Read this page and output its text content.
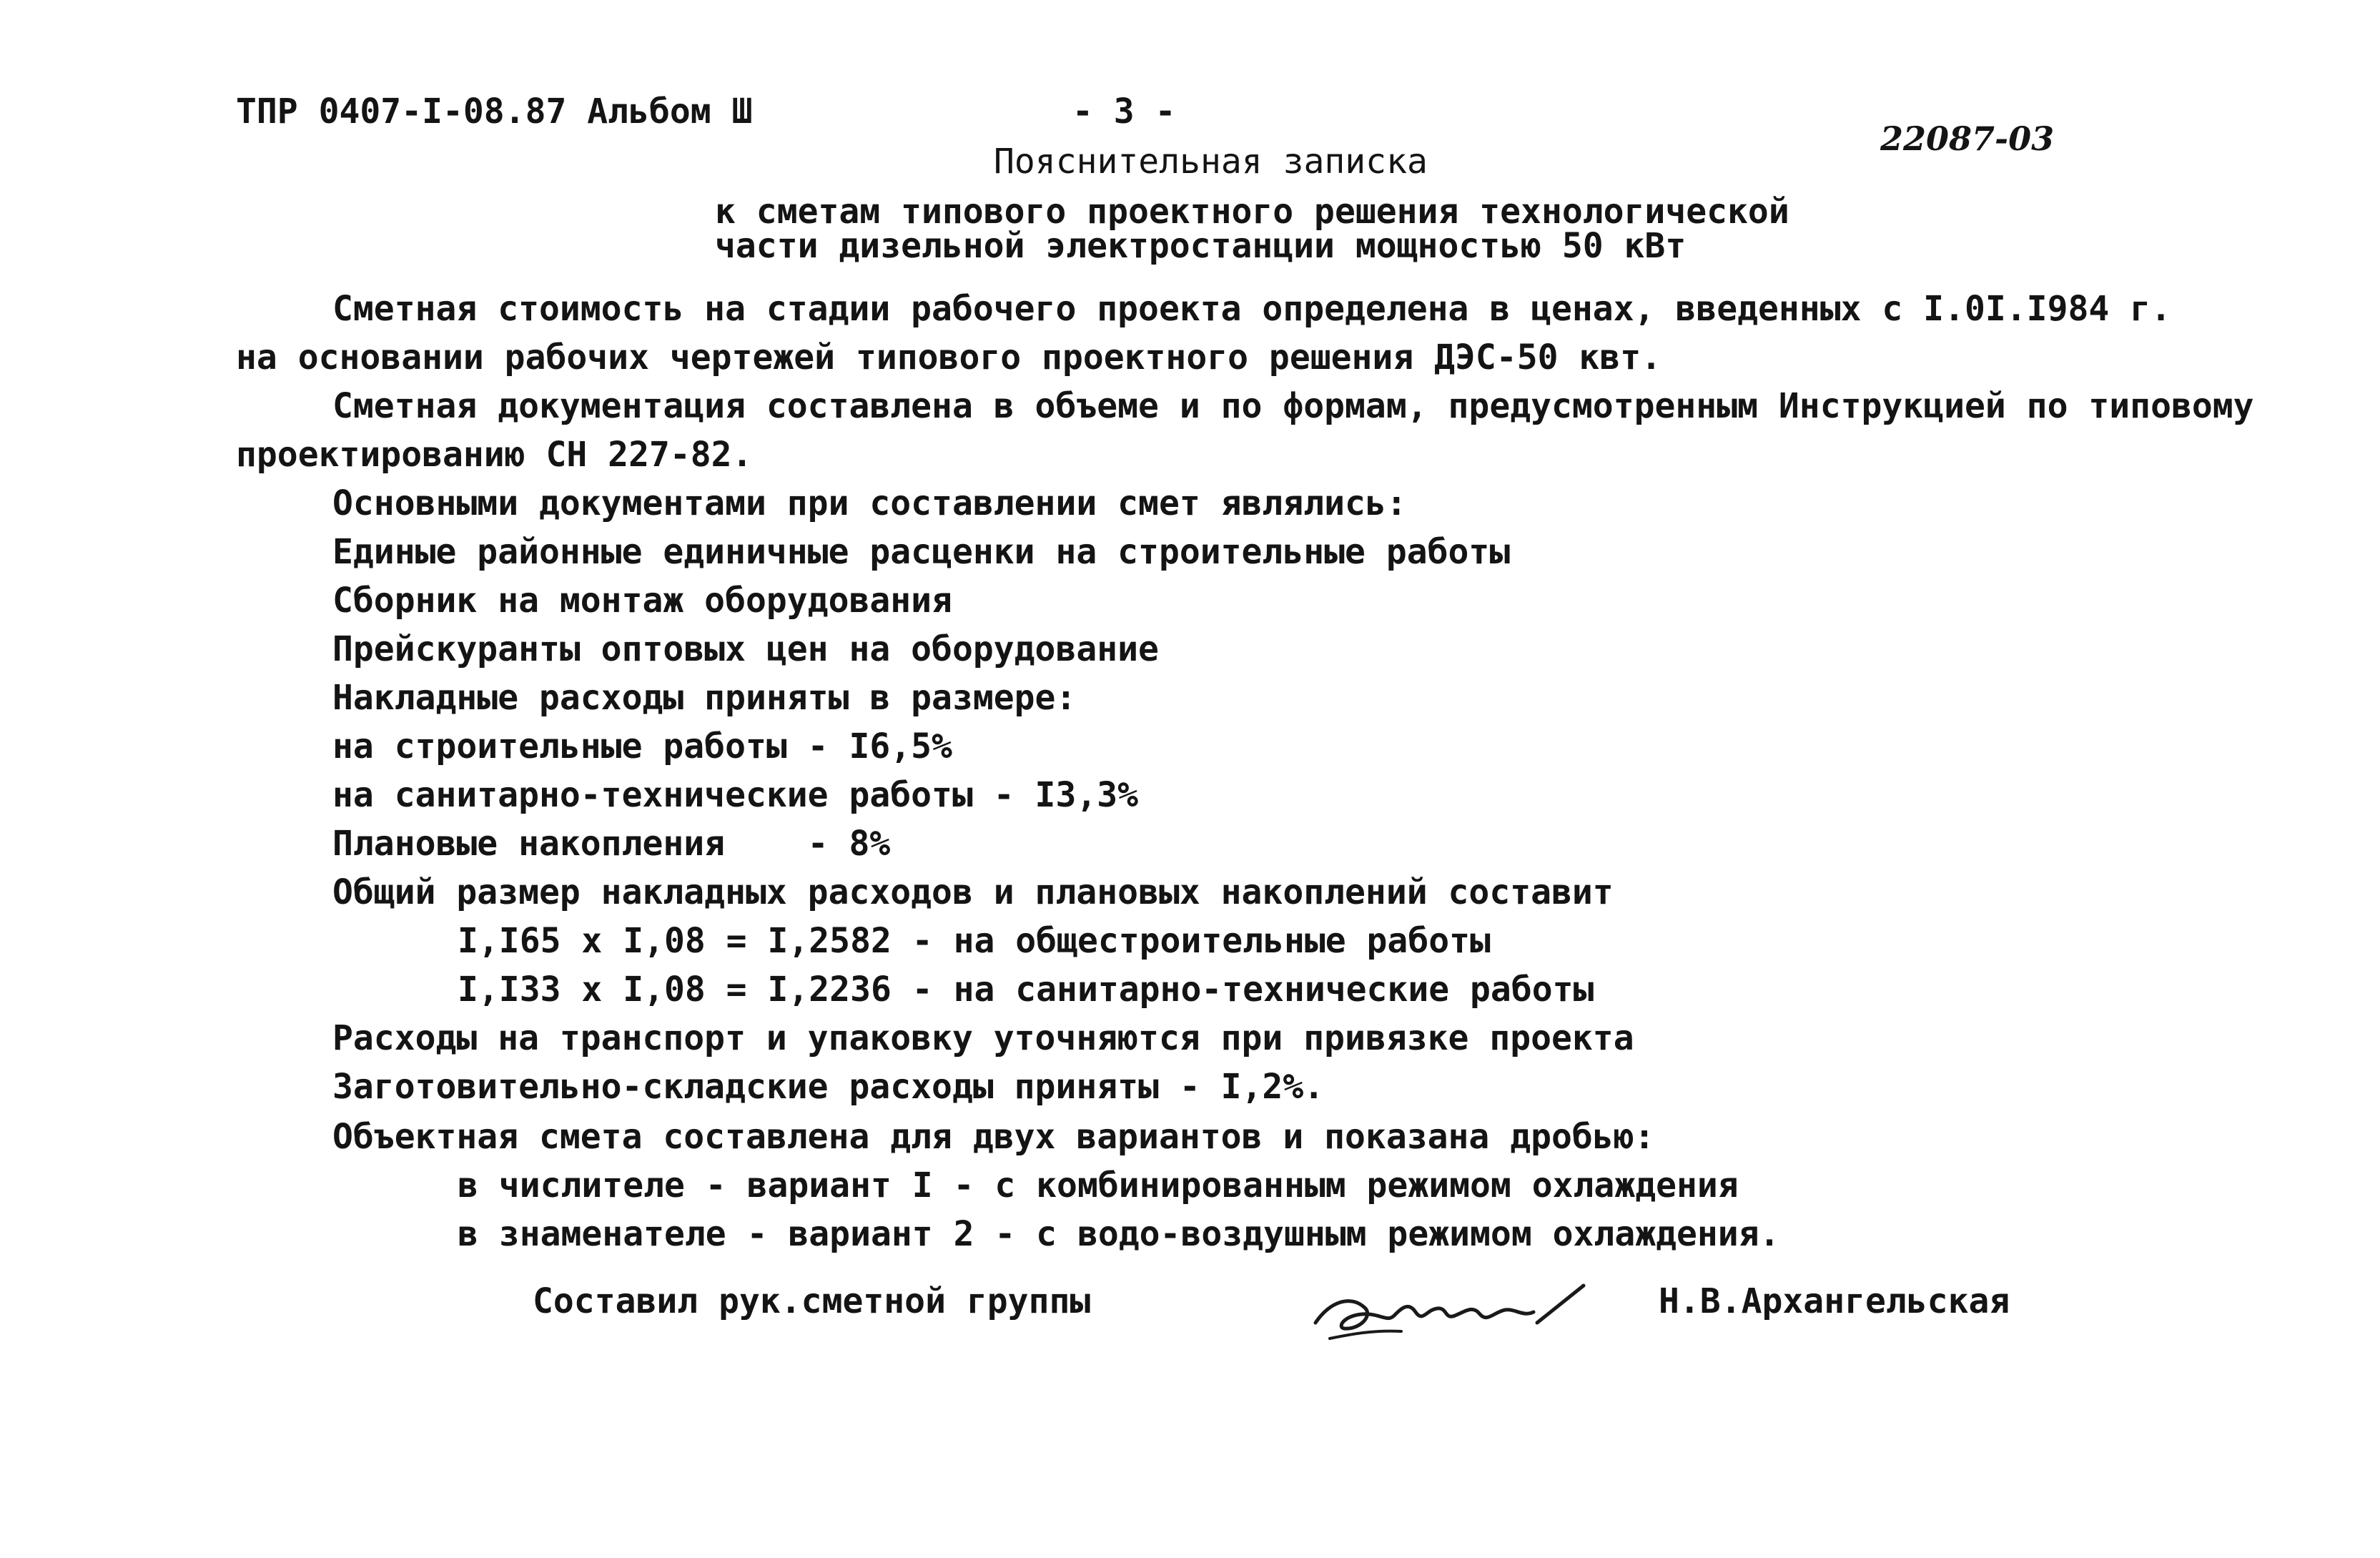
ТПР 0407-I-08.87 Альбом Ш	- 3 -
22087-03
Пояснительная записка
к сметам типового проектного решения технологической
части дизельной электростанции мощностью 50 кВт
Сметная стоимость на стадии рабочего проекта определена в ценах, введенных с I.0I.I984 г.
на основании рабочих чертежей типового проектного решения ДЭС-50 квт.
Сметная документация составлена в объеме и по формам, предусмотренным Инструкцией по типовому
проектированию СН 227-82.
Основными документами при составлении смет являлись:
Единые районные единичные расценки на строительные работы
Сборник на монтаж оборудования
Прейскуранты оптовых цен на оборудование
Накладные расходы приняты в размере:
на строительные работы - I6,5%
на санитарно-технические работы - I3,3%
Плановые накопления    - 8%
Общий размер накладных расходов и плановых накоплений составит
I,I65 x I,08 = I,2582 - на общестроительные работы
I,I33 x I,08 = I,2236 - на санитарно-технические работы
Расходы на транспорт и упаковку уточняются при привязке проекта
Заготовительно-складские расходы приняты - I,2%.
Объектная смета составлена для двух вариантов и показана дробью:
в числителе - вариант I - с комбинированным режимом охлаждения
в знаменателе - вариант 2 - с водо-воздушным режимом охлаждения.
Составил рук.сметной группы	Н.В.Архангельская
